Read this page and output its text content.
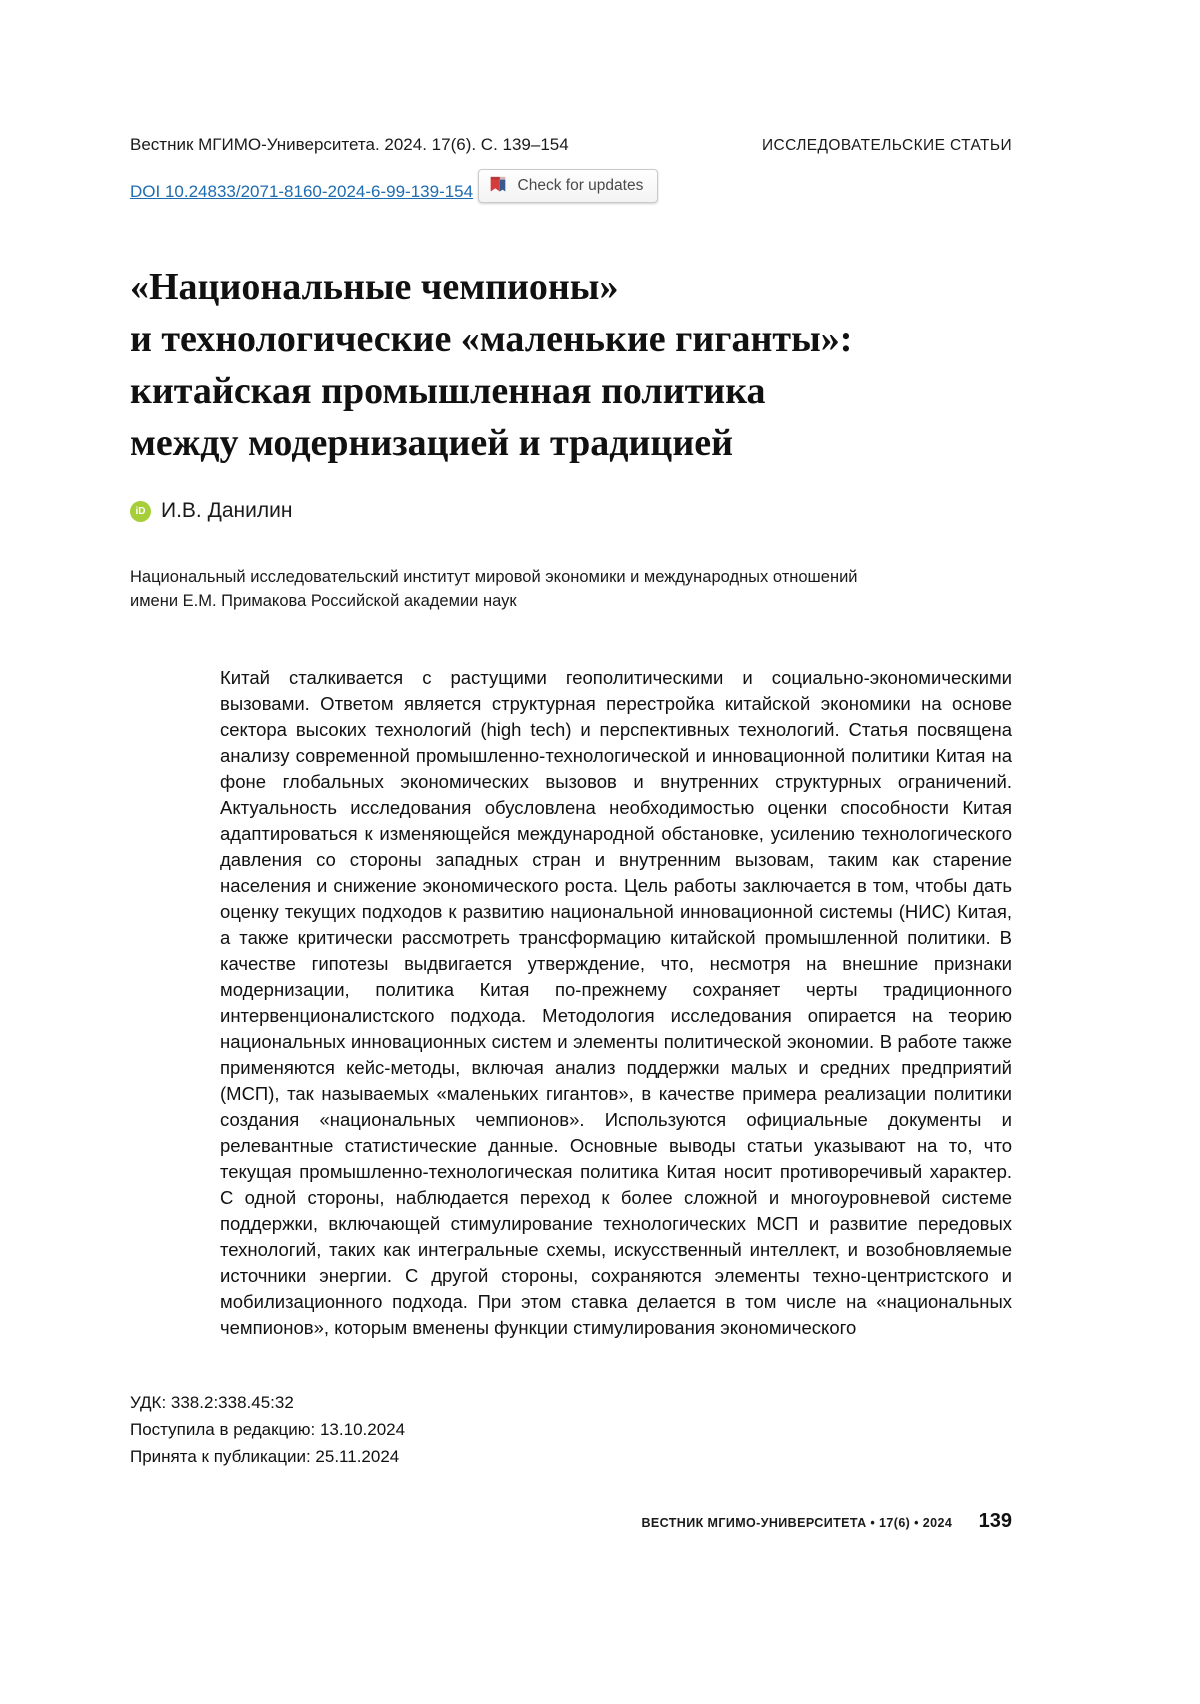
Вестник МГИМО-Университета. 2024. 17(6). С. 139–154	ИССЛЕДОВАТЕЛЬСКИЕ СТАТЬИ
DOI 10.24833/2071-8160-2024-6-99-139-154	Check for updates
«Национальные чемпионы»
и технологические «маленькие гиганты»:
китайская промышленная политика
между модернизацией и традицией
iD И.В. Данилин
Национальный исследовательский институт мировой экономики и международных отношений
имени Е.М. Примакова Российской академии наук

Китай сталкивается с растущими геополитическими и социально-экономическими вызовами. Ответом является структурная перестройка китайской экономики на основе сектора высоких технологий (high tech) и перспективных технологий. Статья посвящена анализу современной промышленно-технологической и инновационной политики Китая на фоне глобальных экономических вызовов и внутренних структурных ограничений. Актуальность исследования обусловлена необходимостью оценки способности Китая адаптироваться к изменяющейся международной обстановке, усилению технологического давления со стороны западных стран и внутренним вызовам, таким как старение населения и снижение экономического роста. Цель работы заключается в том, чтобы дать оценку текущих подходов к развитию национальной инновационной системы (НИС) Китая, а также критически рассмотреть трансформацию китайской промышленной политики. В качестве гипотезы выдвигается утверждение, что, несмотря на внешние признаки модернизации, политика Китая по-прежнему сохраняет черты традиционного интервенционалистского подхода. Методология исследования опирается на теорию национальных инновационных систем и элементы политической экономии. В работе также применяются кейс-методы, включая анализ поддержки малых и средних предприятий (МСП), так называемых «маленьких гигантов», в качестве примера реализации политики создания «национальных чемпионов». Используются официальные документы и релевантные статистические данные. Основные выводы статьи указывают на то, что текущая промышленно-технологическая политика Китая носит противоречивый характер. С одной стороны, наблюдается переход к более сложной и многоуровневой системе поддержки, включающей стимулирование технологических МСП и развитие передовых технологий, таких как интегральные схемы, искусственный интеллект, и возобновляемые источники энергии. С другой стороны, сохраняются элементы техно-центристского и мобилизационного подхода. При этом ставка делается в том числе на «национальных чемпионов», которым вменены функции стимулирования экономического

УДК: 338.2:338.45:32
Поступила в редакцию: 13.10.2024
Принята к публикации: 25.11.2024
ВЕСТНИК МГИМО-УНИВЕРСИТЕТА • 17(6) • 2024 139
